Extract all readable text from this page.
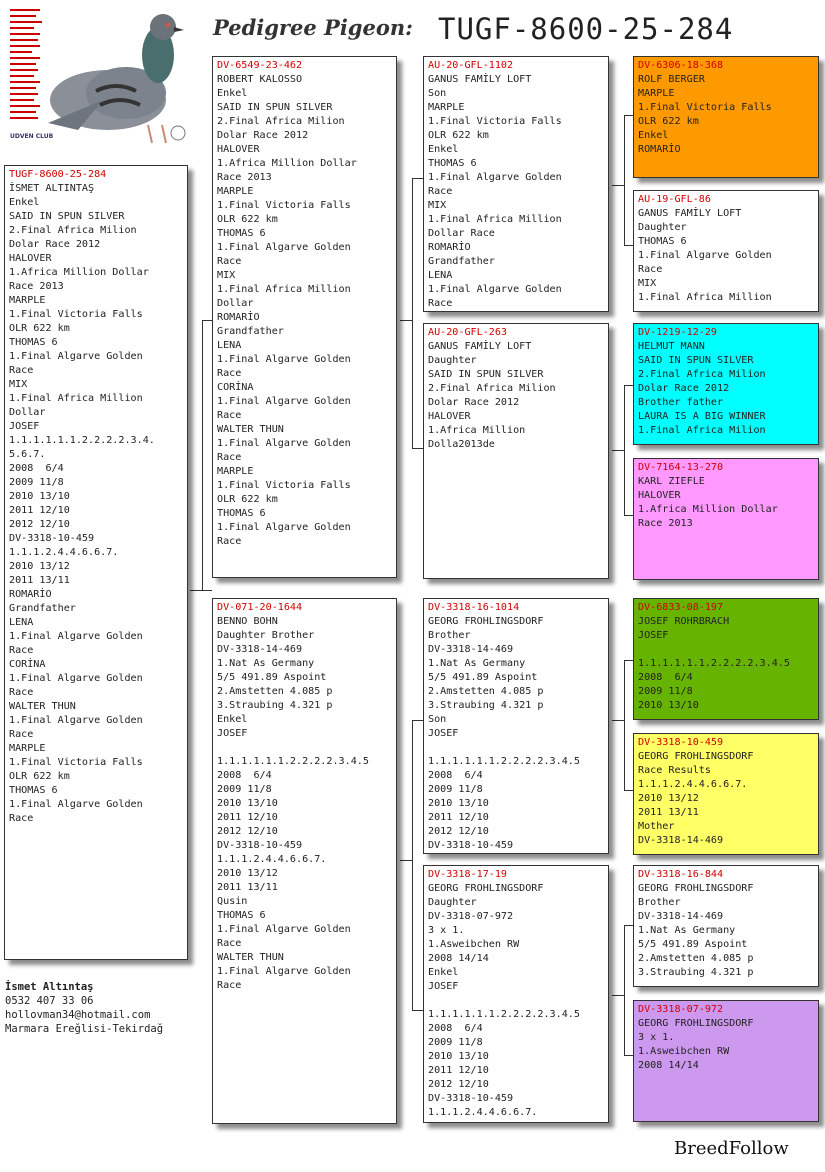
UDVEN CLUB
Pedigree Pigeon: TUGF-8600-25-284
TUGF-8600-25-284
İSMET ALTINTAŞ
Enkel
SAID IN SPUN SILVER
2.Final Africa Milion
Dolar Race 2012
HALOVER
1.Africa Million Dollar
Race 2013
MARPLE
1.Final Victoria Falls
OLR 622 km
THOMAS 6
1.Final Algarve Golden
Race
MIX
1.Final Africa Million
Dollar
JOSEF
1.1.1.1.1.1.2.2.2.2.3.4.
5.6.7.
2008  6/4
2009 11/8
2010 13/10
2011 12/10
2012 12/10
DV-3318-10-459
1.1.1.2.4.4.6.6.7.
2010 13/12
2011 13/11
ROMARİO
Grandfather
LENA
1.Final Algarve Golden
Race
CORİNA
1.Final Algarve Golden
Race
WALTER THUN
1.Final Algarve Golden
Race
MARPLE
1.Final Victoria Falls
OLR 622 km
THOMAS 6
1.Final Algarve Golden
Race
DV-6549-23-462
ROBERT KALOSSO
Enkel
SAID IN SPUN SILVER
2.Final Africa Milion
Dolar Race 2012
HALOVER
1.Africa Million Dollar
Race 2013
MARPLE
1.Final Victoria Falls
OLR 622 km
THOMAS 6
1.Final Algarve Golden
Race
MIX
1.Final Africa Million
Dollar
ROMARİO
Grandfather
LENA
1.Final Algarve Golden
Race
CORİNA
1.Final Algarve Golden
Race
WALTER THUN
1.Final Algarve Golden
Race
MARPLE
1.Final Victoria Falls
OLR 622 km
THOMAS 6
1.Final Algarve Golden
Race
DV-071-20-1644
BENNO BOHN
Daughter Brother
DV-3318-14-469
1.Nat As Germany
5/5 491.89 Aspoint
2.Amstetten 4.085 p
3.Straubing 4.321 p
Enkel
JOSEF

1.1.1.1.1.1.2.2.2.2.3.4.5
2008  6/4
2009 11/8
2010 13/10
2011 12/10
2012 12/10
DV-3318-10-459
1.1.1.2.4.4.6.6.7.
2010 13/12
2011 13/11
Qusin
THOMAS 6
1.Final Algarve Golden
Race
WALTER THUN
1.Final Algarve Golden
Race
AU-20-GFL-1102
GANUS FAMİLY LOFT
Son
MARPLE
1.Final Victoria Falls
OLR 622 km
Enkel
THOMAS 6
1.Final Algarve Golden
Race
MIX
1.Final Africa Million
Dollar Race
ROMARİO
Grandfather
LENA
1.Final Algarve Golden
Race
AU-20-GFL-263
GANUS FAMİLY LOFT
Daughter
SAID IN SPUN SILVER
2.Final Africa Milion
Dolar Race 2012
HALOVER
1.Africa Million
Dolla2013de
DV-3318-16-1014
GEORG FROHLINGSDORF
Brother
DV-3318-14-469
1.Nat As Germany
5/5 491.89 Aspoint
2.Amstetten 4.085 p
3.Straubing 4.321 p
Son
JOSEF

1.1.1.1.1.1.2.2.2.2.3.4.5
2008  6/4
2009 11/8
2010 13/10
2011 12/10
2012 12/10
DV-3318-10-459
DV-3318-17-19
GEORG FROHLINGSDORF
Daughter
DV-3318-07-972
3 x 1.
1.Asweibchen RW
2008 14/14
Enkel
JOSEF

1.1.1.1.1.1.2.2.2.2.3.4.5
2008  6/4
2009 11/8
2010 13/10
2011 12/10
2012 12/10
DV-3318-10-459
1.1.1.2.4.4.6.6.7.
DV-6306-18-368
ROLF BERGER
MARPLE
1.Final Victoria Falls
OLR 622 km
Enkel
ROMARİO
AU-19-GFL-86
GANUS FAMİLY LOFT
Daughter
THOMAS 6
1.Final Algarve Golden
Race
MIX
1.Final Africa Million
DV-1219-12-29
HELMUT MANN
SAID IN SPUN SILVER
2.Final Africa Milion
Dolar Race 2012
Brother father
LAURA IS A BIG WINNER
1.Final Africa Milion
DV-7164-13-270
KARL ZIEFLE
HALOVER
1.Africa Million Dollar
Race 2013
DV-6833-08-197
JOSEF ROHRBRACH
JOSEF

1.1.1.1.1.1.2.2.2.2.3.4.5
2008  6/4
2009 11/8
2010 13/10
DV-3318-10-459
GEORG FROHLINGSDORF
Race Results
1.1.1.2.4.4.6.6.7.
2010 13/12
2011 13/11
Mother
DV-3318-14-469
DV-3318-16-844
GEORG FROHLINGSDORF
Brother
DV-3318-14-469
1.Nat As Germany
5/5 491.89 Aspoint
2.Amstetten 4.085 p
3.Straubing 4.321 p
DV-3318-07-972
GEORG FROHLINGSDORF
3 x 1.
1.Asweibchen RW
2008 14/14
İsmet Altıntaş
0532 407 33 06
hollovman34@hotmail.com
Marmara Ereğlisi-Tekirdağ
BreedFollow
